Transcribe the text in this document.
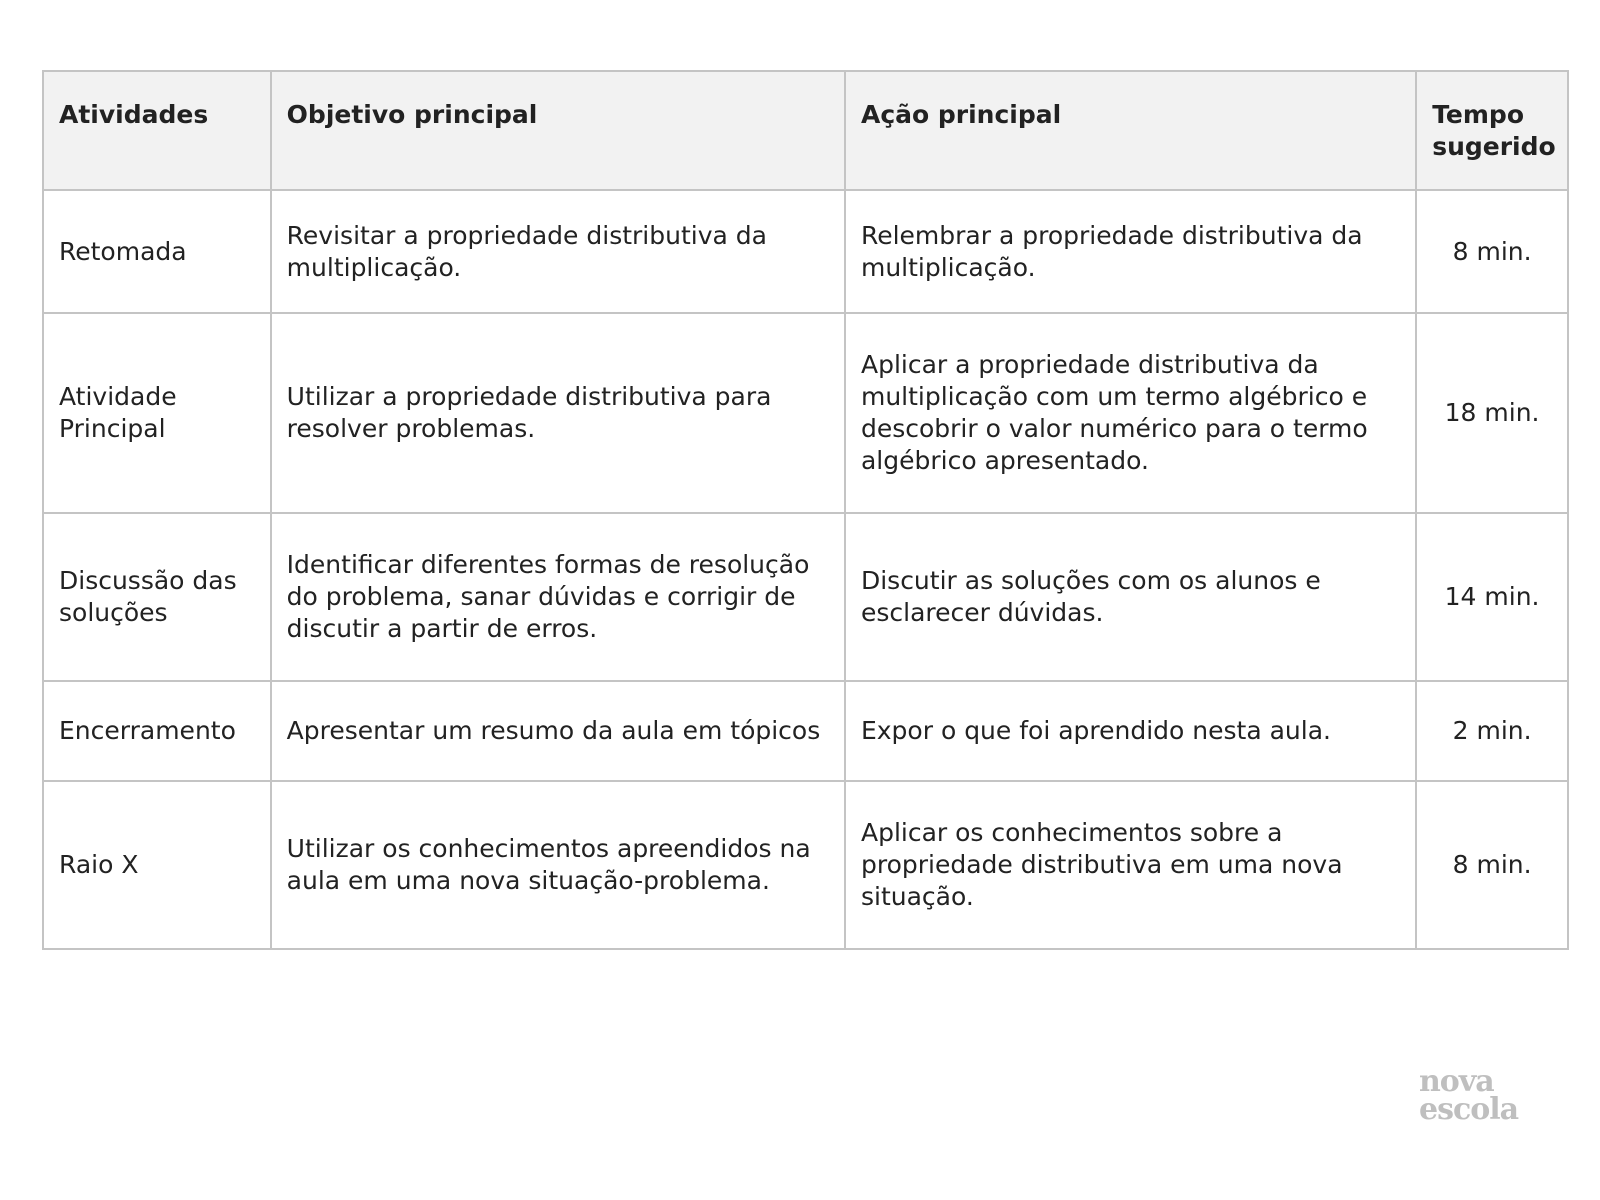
Atividades	Objetivo principal	Ação principal	Tempo sugerido
Retomada	Revisitar a propriedade distributiva da multiplicação.	Relembrar a propriedade distributiva da multiplicação.	8 min.
Atividade Principal	Utilizar a propriedade distributiva para resolver problemas.	Aplicar a propriedade distributiva da multiplicação com um termo algébrico e descobrir o valor numérico para o termo algébrico apresentado.	18 min.
Discussão das soluções	Identificar diferentes formas de resolução do problema, sanar dúvidas e corrigir de discutir a partir de erros.	Discutir as soluções com os alunos e esclarecer dúvidas.	14 min.
Encerramento	Apresentar um resumo da aula em tópicos	Expor o que foi aprendido nesta aula.	2 min.
Raio X	Utilizar os conhecimentos apreendidos na aula em uma nova situação-problema.	Aplicar os conhecimentos sobre a propriedade distributiva em uma nova situação.	8 min.
nova
escola
